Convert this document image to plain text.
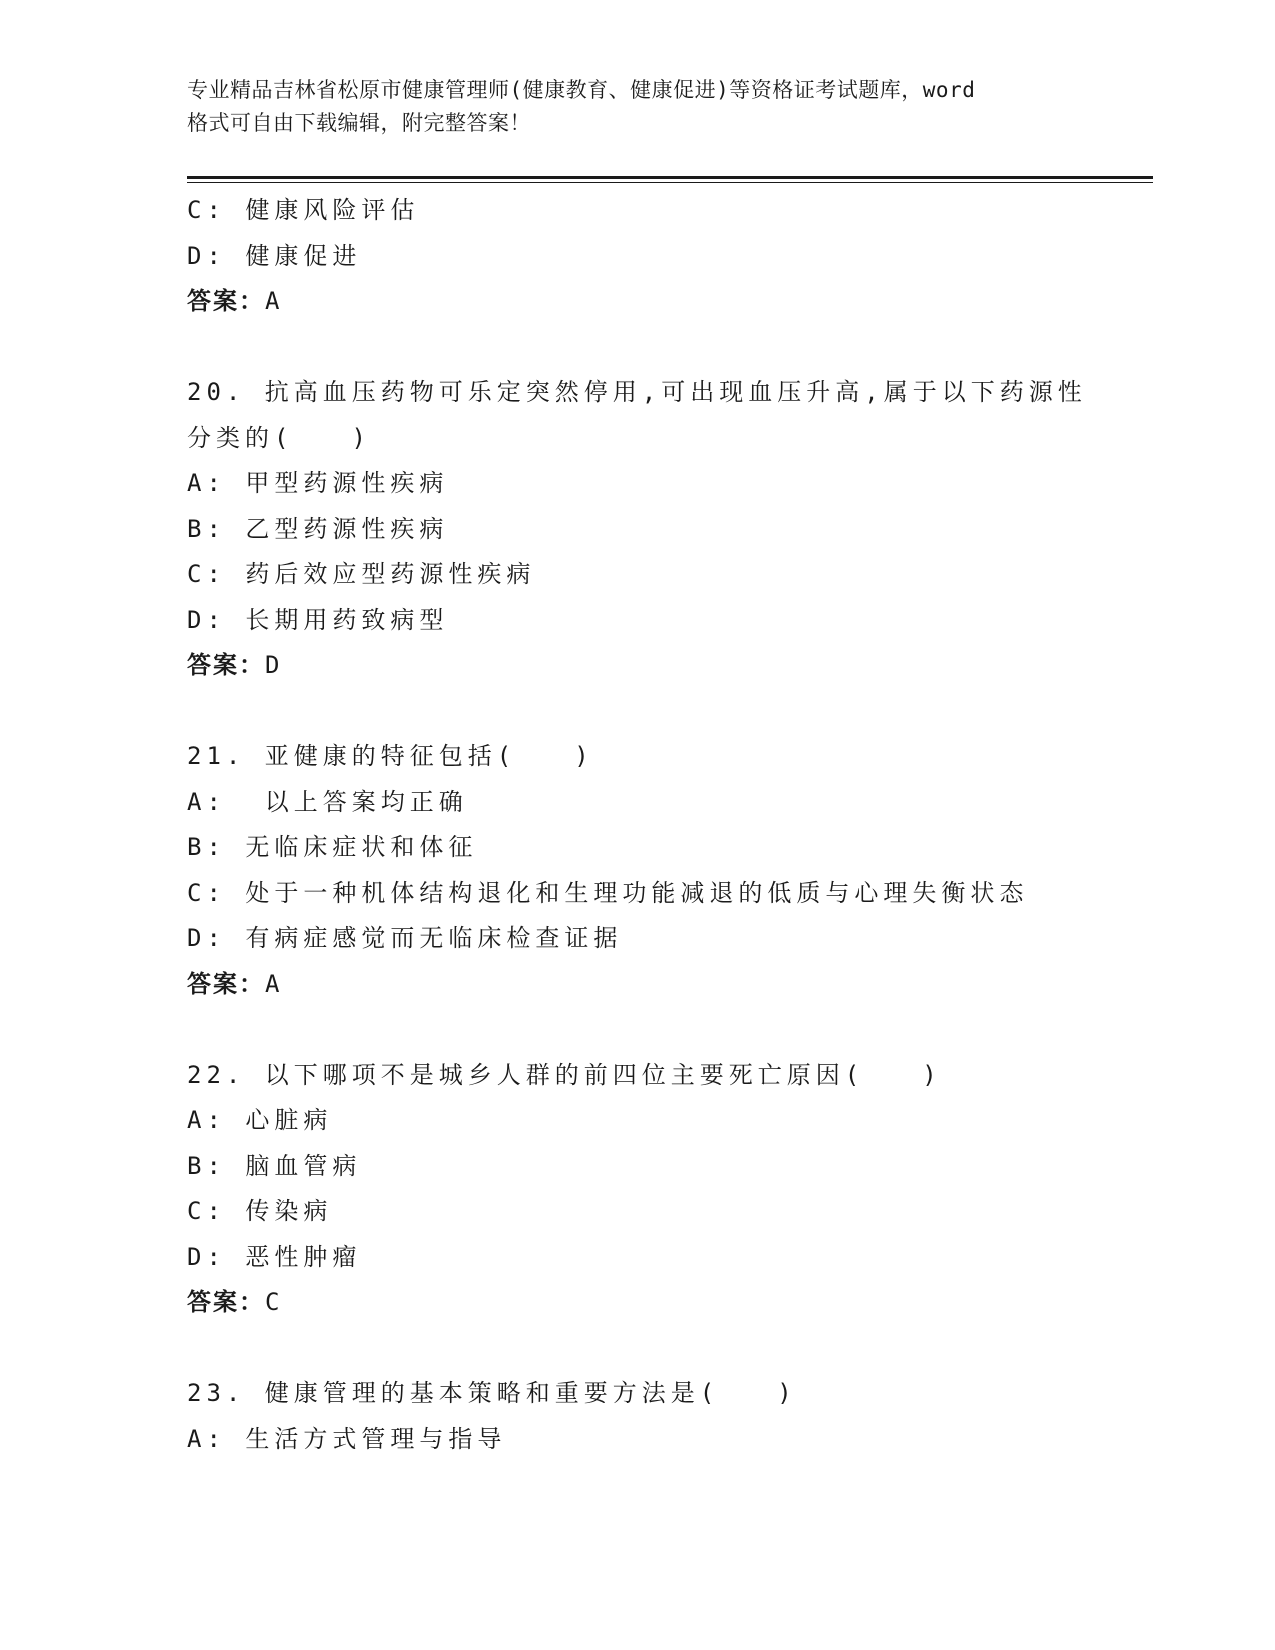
专业精品吉林省松原市健康管理师(健康教育、健康促进)等资格证考试题库，word
格式可自由下载编辑，附完整答案！
C: 健康风险评估
D: 健康促进
答案：A
20. 抗高血压药物可乐定突然停用,可出现血压升高,属于以下药源性
分类的(　　)
A: 甲型药源性疾病
B: 乙型药源性疾病
C: 药后效应型药源性疾病
D: 长期用药致病型
答案：D
21. 亚健康的特征包括(　　)
A:  以上答案均正确
B: 无临床症状和体征
C: 处于一种机体结构退化和生理功能减退的低质与心理失衡状态
D: 有病症感觉而无临床检查证据
答案：A
22. 以下哪项不是城乡人群的前四位主要死亡原因(　　)
A: 心脏病
B: 脑血管病
C: 传染病
D: 恶性肿瘤
答案：C
23. 健康管理的基本策略和重要方法是(　　)
A: 生活方式管理与指导
